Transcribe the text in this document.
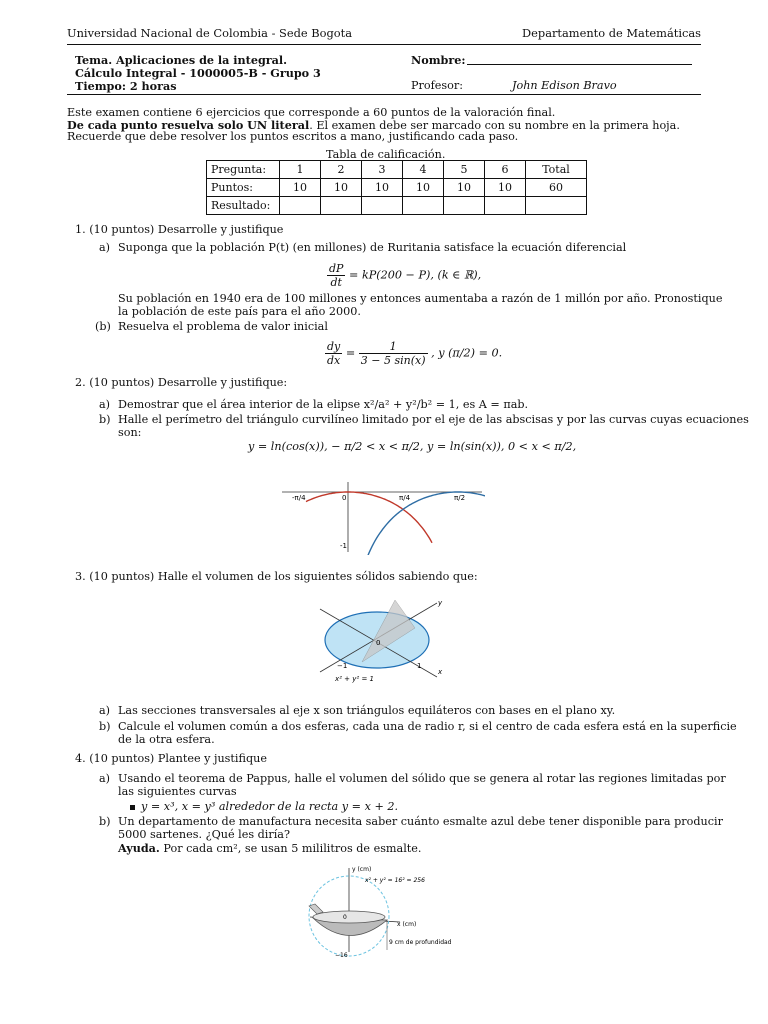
Universidad Nacional de Colombia - Sede Bogota	Departamento de Matemáticas
Tema. Aplicaciones de la integral.
Cálculo Integral - 1000005-B - Grupo 3
Tiempo: 2 horas
Nombre:
Profesor:	John Edison Bravo
Este examen contiene 6 ejercicios que corresponde a 60 puntos de la valoración final.
De cada punto resuelva solo UN literal. El examen debe ser marcado con su nombre en la primera hoja.
Recuerde que debe resolver los puntos escritos a mano, justificando cada paso.
Tabla de calificación.
Pregunta:	1	2	3	4	5	6	Total
Puntos:	10	10	10	10	10	10	60
Resultado:							
1. (10 puntos) Desarrolle y justifique
a) Suponga que la población P(t) (en millones) de Ruritania satisface la ecuación diferencial
$\frac{dP}{dt} = kP(200 - P)$, (k ∈ ℝ),
Su población en 1940 era de 100 millones y entonces aumentaba a razón de 1 millón por año. Pronostique
la población de este país para el año 2000.
(b) Resuelva el problema de valor inicial
$\frac{dy}{dx} = \frac{1}{3 - 5 \sin(x)}$ , y (π/2) = 0.
2. (10 puntos) Desarrolle y justifique:
a) Demostrar que el área interior de la elipse x²/a² + y²/b² = 1, es A = πab.
b) Halle el perímetro del triángulo curvilíneo limitado por el eje de las abscisas y por las curvas cuyas ecuaciones
son:
y = ln(cos(x)), − π/2 < x < π/2, y = ln(sin(x)), 0 < x < π/2,
-π/4	0	π/4	π/2
-1
3. (10 puntos) Halle el volumen de los siguientes sólidos sabiendo que:
y
x
0
−1	1
x² + y² = 1
a) Las secciones transversales al eje x son triángulos equiláteros con bases en el plano xy.
b) Calcule el volumen común a dos esferas, cada una de radio r, si el centro de cada esfera está en la superficie
de la otra esfera.
4. (10 puntos) Plantee y justifique
a) Usando el teorema de Pappus, halle el volumen del sólido que se genera al rotar las regiones limitadas por
las siguientes curvas
y = x³, x = y³ alrededor de la recta y = x + 2.
b) Un departamento de manufactura necesita saber cuánto esmalte azul debe tener disponible para producir
5000 sartenes. ¿Qué les diría?
Ayuda. Por cada cm², se usan 5 mililitros de esmalte.
y (cm)
x (cm)
x² + y² = 16² = 256
0
9 cm de profundidad
−16
